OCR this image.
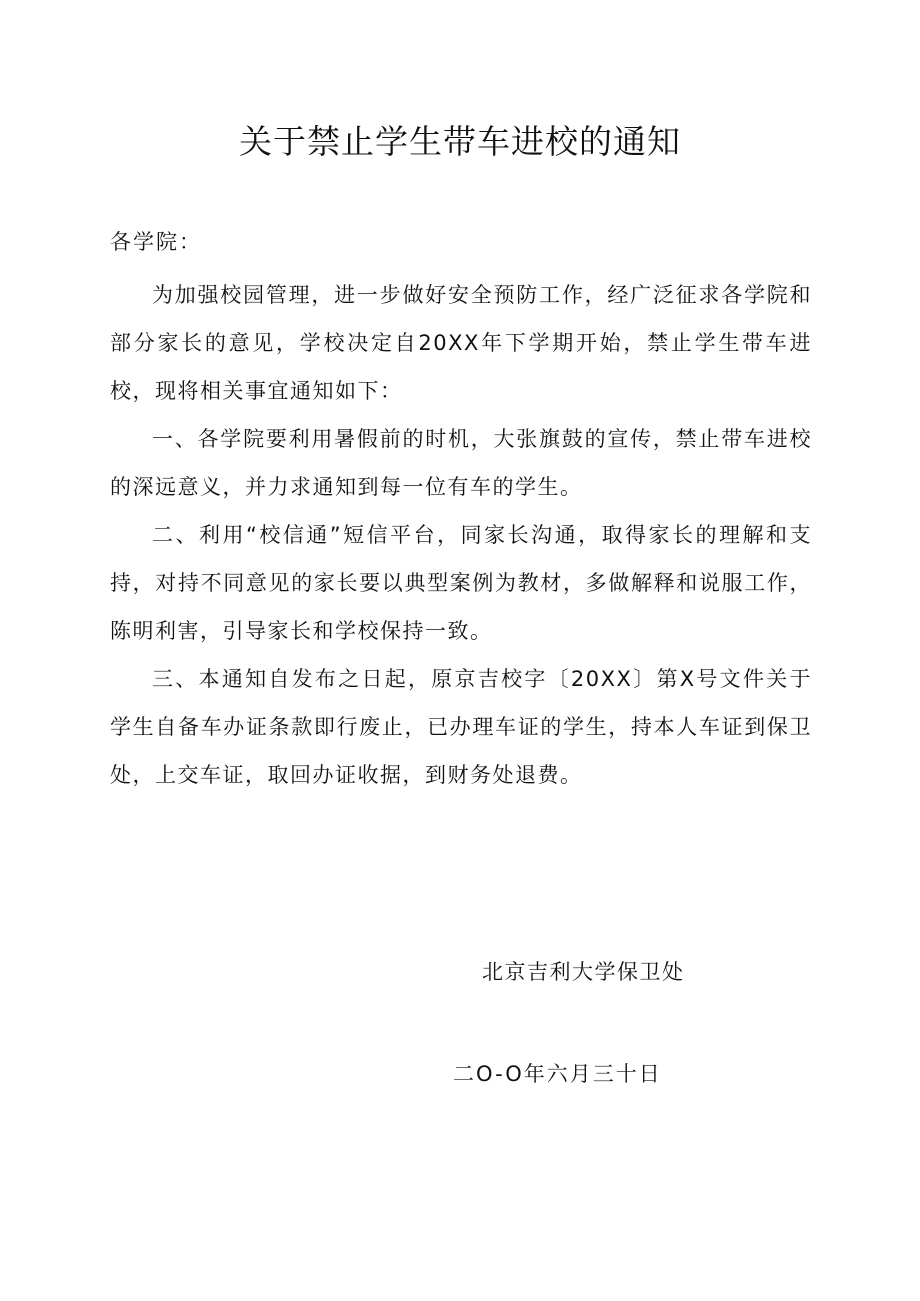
关于禁止学生带车进校的通知
各学院：

为加强校园管理，进一步做好安全预防工作，经广泛征求各学院和部分家长的意见，学校决定自20XX年下学期开始，禁止学生带车进校，现将相关事宜通知如下：

一、各学院要利用暑假前的时机，大张旗鼓的宣传，禁止带车进校的深远意义，并力求通知到每一位有车的学生。

二、利用“校信通”短信平台，同家长沟通，取得家长的理解和支持，对持不同意见的家长要以典型案例为教材，多做解释和说服工作，陈明利害，引导家长和学校保持一致。

三、本通知自发布之日起，原京吉校字〔20XX〕第X号文件关于学生自备车办证条款即行废止，已办理车证的学生，持本人车证到保卫处，上交车证，取回办证收据，到财务处退费。

北京吉利大学保卫处
二O-O年六月三十日
